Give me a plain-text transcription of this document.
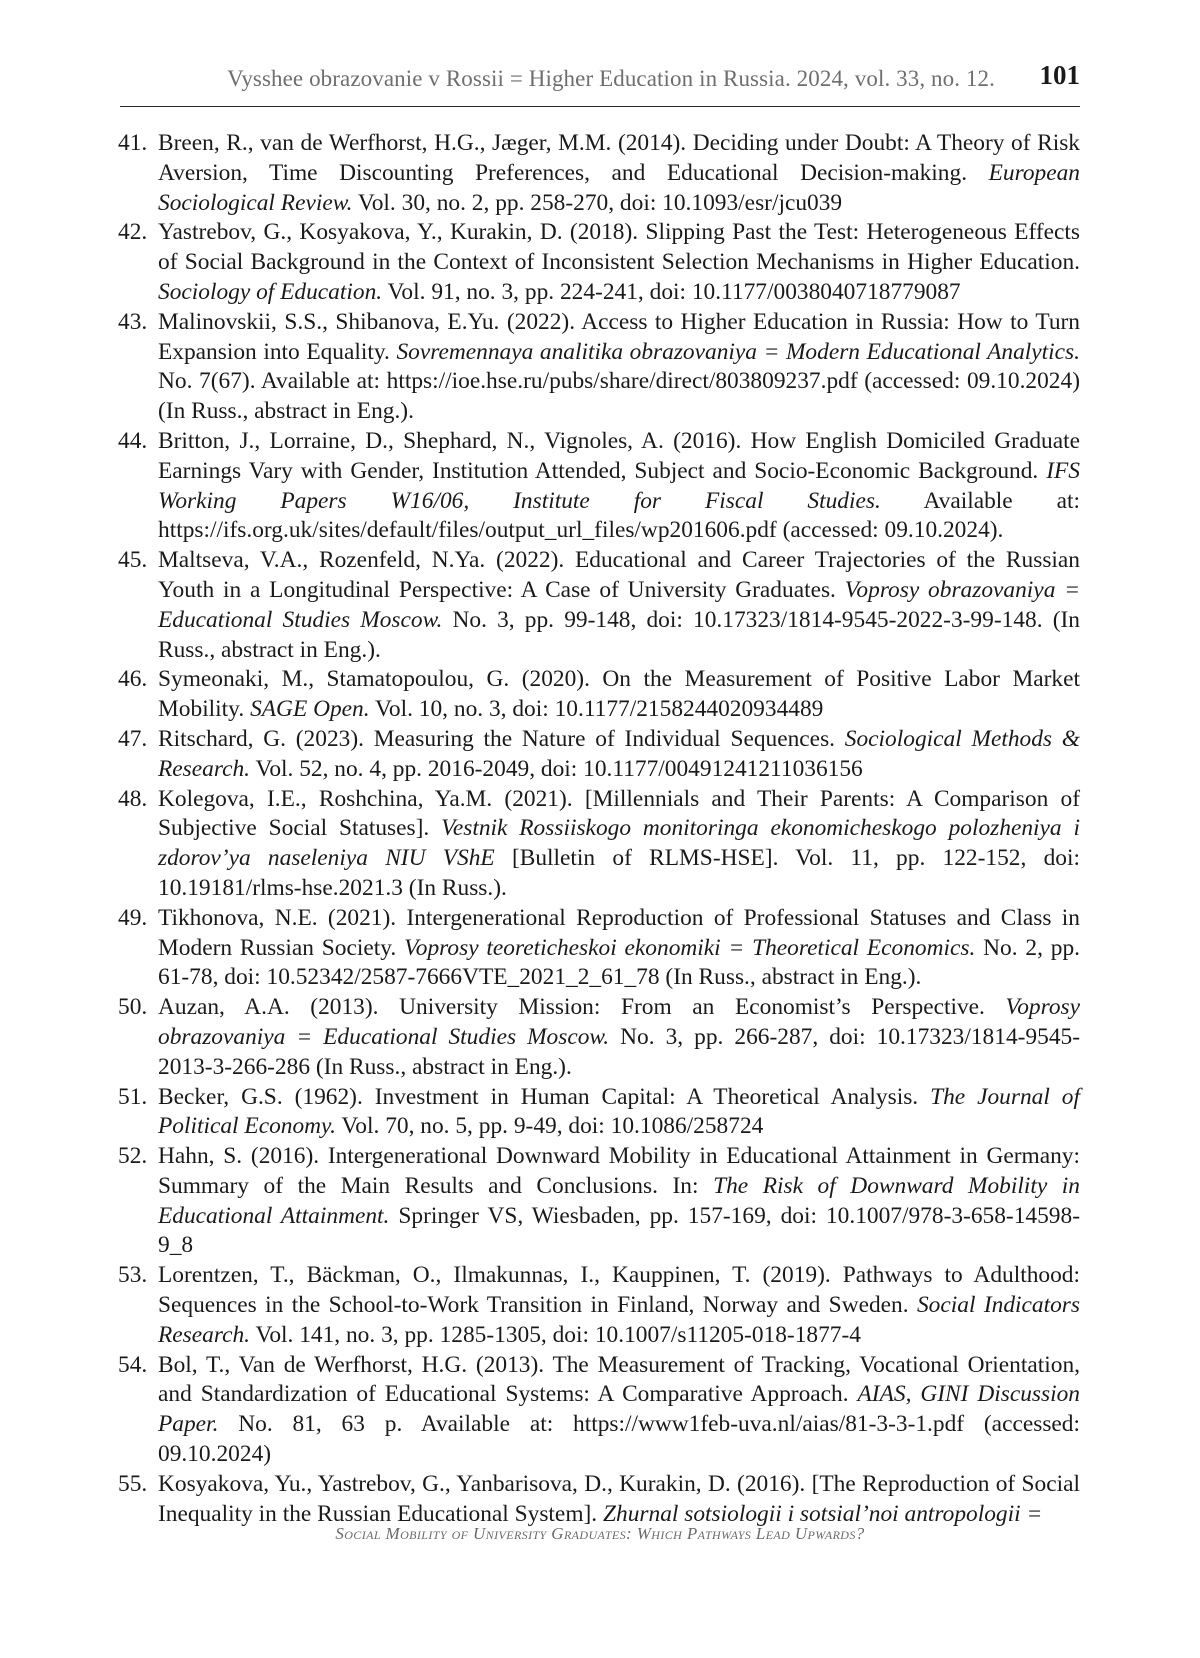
Vysshee obrazovanie v Rossii = Higher Education in Russia. 2024, vol. 33, no. 12. 101
41. Breen, R., van de Werfhorst, H.G., Jæger, M.M. (2014). Deciding under Doubt: A Theory of Risk Aversion, Time Discounting Preferences, and Educational Decision-making. European Sociological Review. Vol. 30, no. 2, pp. 258-270, doi: 10.1093/esr/jcu039
42. Yastrebov, G., Kosyakova, Y., Kurakin, D. (2018). Slipping Past the Test: Heterogeneous Effects of Social Background in the Context of Inconsistent Selection Mechanisms in Higher Education. Sociology of Education. Vol. 91, no. 3, pp. 224-241, doi: 10.1177/0038040718779087
43. Malinovskii, S.S., Shibanova, E.Yu. (2022). Access to Higher Education in Russia: How to Turn Expansion into Equality. Sovremennaya analitika obrazovaniya = Modern Educational Analytics. No. 7(67). Available at: https://ioe.hse.ru/pubs/share/direct/803809237.pdf (accessed: 09.10.2024) (In Russ., abstract in Eng.).
44. Britton, J., Lorraine, D., Shephard, N., Vignoles, A. (2016). How English Domiciled Graduate Earnings Vary with Gender, Institution Attended, Subject and Socio-Economic Background. IFS Working Papers W16/06, Institute for Fiscal Studies. Available at: https://ifs.org.uk/sites/default/files/output_url_files/wp201606.pdf (accessed: 09.10.2024).
45. Maltseva, V.A., Rozenfeld, N.Ya. (2022). Educational and Career Trajectories of the Russian Youth in a Longitudinal Perspective: A Case of University Graduates. Voprosy obrazovaniya = Educational Studies Moscow. No. 3, pp. 99-148, doi: 10.17323/1814-9545-2022-3-99-148. (In Russ., abstract in Eng.).
46. Symeonaki, M., Stamatopoulou, G. (2020). On the Measurement of Positive Labor Market Mobility. SAGE Open. Vol. 10, no. 3, doi: 10.1177/2158244020934489
47. Ritschard, G. (2023). Measuring the Nature of Individual Sequences. Sociological Methods & Research. Vol. 52, no. 4, pp. 2016-2049, doi: 10.1177/00491241211036156
48. Kolegova, I.E., Roshchina, Ya.M. (2021). [Millennials and Their Parents: A Comparison of Subjective Social Statuses]. Vestnik Rossiiskogo monitoringa ekonomicheskogo polozheniya i zdorov’ya naseleniya NIU VShE [Bulletin of RLMS-HSE]. Vol. 11, pp. 122-152, doi: 10.19181/rlms-hse.2021.3 (In Russ.).
49. Tikhonova, N.E. (2021). Intergenerational Reproduction of Professional Statuses and Class in Modern Russian Society. Voprosy teoreticheskoi ekonomiki = Theoretical Economics. No. 2, pp. 61-78, doi: 10.52342/2587-7666VTE_2021_2_61_78 (In Russ., abstract in Eng.).
50. Auzan, A.A. (2013). University Mission: From an Economist’s Perspective. Voprosy obrazovaniya = Educational Studies Moscow. No. 3, pp. 266-287, doi: 10.17323/1814-9545-2013-3-266-286 (In Russ., abstract in Eng.).
51. Becker, G.S. (1962). Investment in Human Capital: A Theoretical Analysis. The Journal of Political Economy. Vol. 70, no. 5, pp. 9-49, doi: 10.1086/258724
52. Hahn, S. (2016). Intergenerational Downward Mobility in Educational Attainment in Germany: Summary of the Main Results and Conclusions. In: The Risk of Downward Mobility in Educational Attainment. Springer VS, Wiesbaden, pp. 157-169, doi: 10.1007/978-3-658-14598-9_8
53. Lorentzen, T., Bäckman, O., Ilmakunnas, I., Kauppinen, T. (2019). Pathways to Adulthood: Sequences in the School-to-Work Transition in Finland, Norway and Sweden. Social Indicators Research. Vol. 141, no. 3, pp. 1285-1305, doi: 10.1007/s11205-018-1877-4
54. Bol, T., Van de Werfhorst, H.G. (2013). The Measurement of Tracking, Vocational Orientation, and Standardization of Educational Systems: A Comparative Approach. AIAS, GINI Discussion Paper. No. 81, 63 p. Available at: https://www1feb-uva.nl/aias/81-3-3-1.pdf (accessed: 09.10.2024)
55. Kosyakova, Yu., Yastrebov, G., Yanbarisova, D., Kurakin, D. (2016). [The Reproduction of Social Inequality in the Russian Educational System]. Zhurnal sotsiologii i sotsial’noi antropologii =
Social Mobility of University Graduates: Which Pathways Lead Upwards?
